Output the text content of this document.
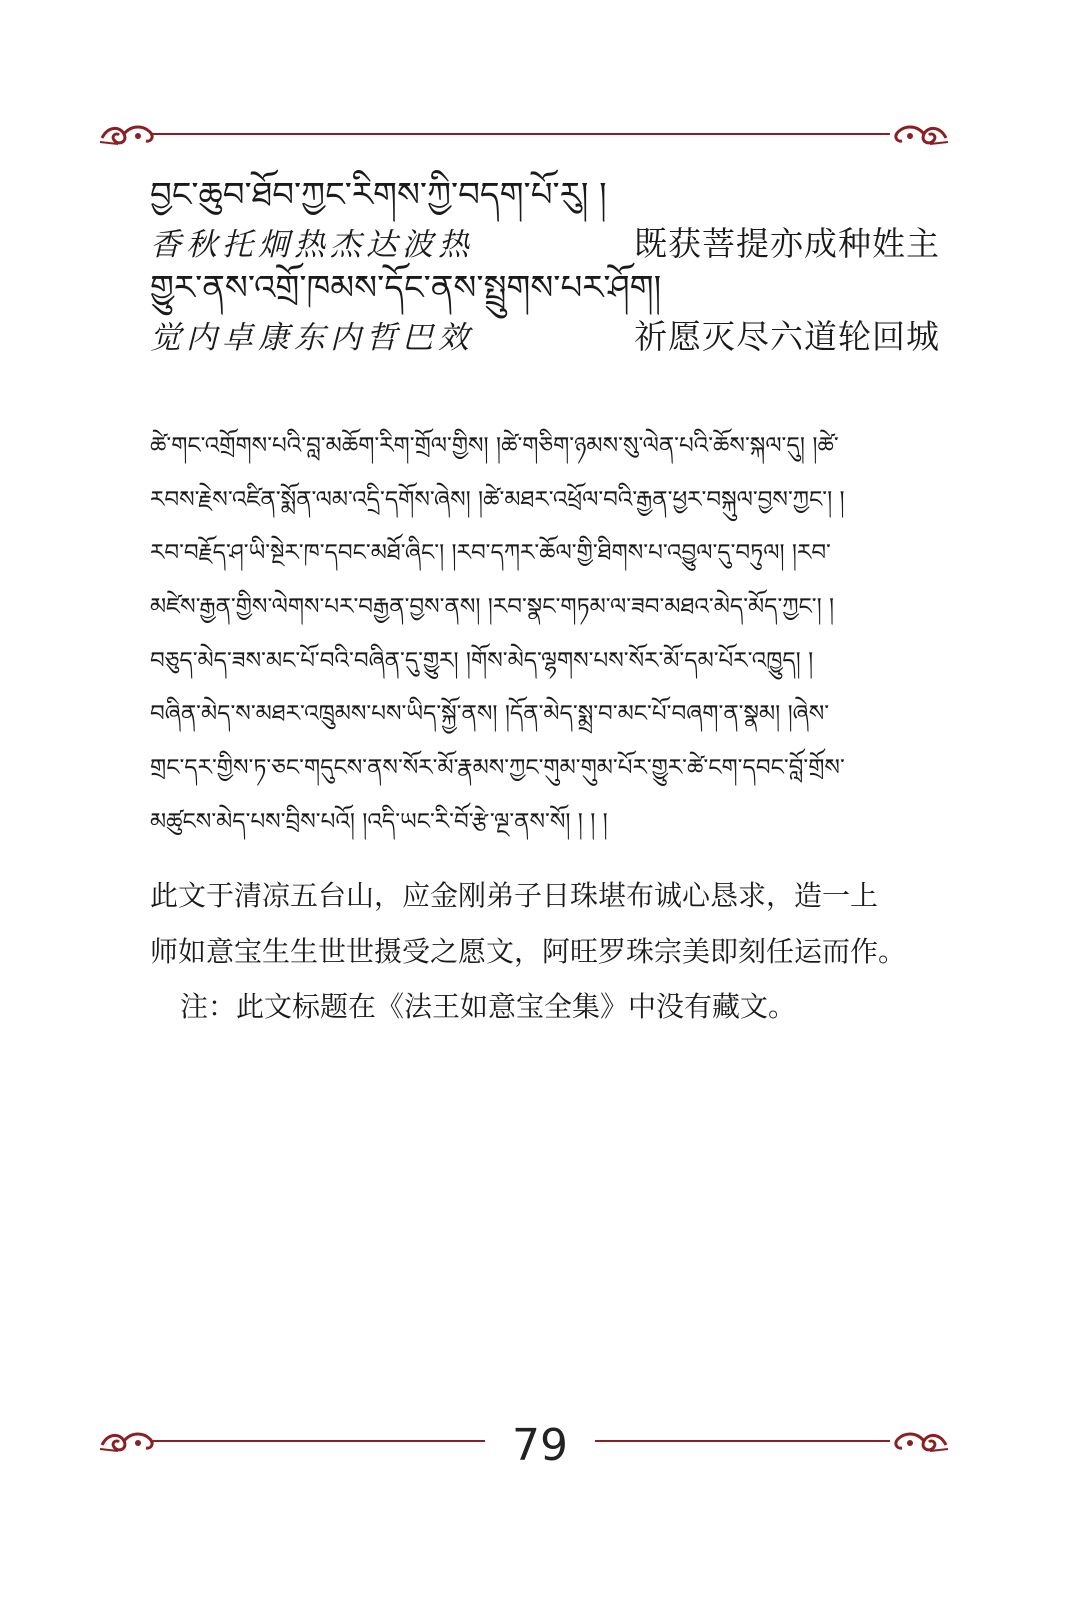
བྱང་ཆུབ་ཐོབ་ཀྱང་རིགས་ཀྱི་བདག་པོ་རུ། །
香秋托炯热杰达波热	既获菩提亦成种姓主
གྱུར་ནས་འགྲོ་ཁམས་དོང་ནས་སྤྲུགས་པར་ཤོག།
觉内卓康东内哲巴效	祈愿灭尽六道轮回城
ཚེ་གང་འགྲོགས་པའི་བླ་མཆོག་རིག་གྲོལ་གྱིས། །ཚེ་གཅིག་ཉམས་སུ་ལེན་པའི་ཆོས་སྐལ་དུ། །ཚེ་
རབས་རྗེས་འཛིན་སྨོན་ལམ་འདྲི་དགོས་ཞེས། །ཚེ་མཐར་འཕྲོལ་བའི་རྒྱན་ཕྱར་བསྐུལ་བྱས་ཀྱང་། །
རབ་བརྗོད་ཤ་ཡི་སྔེར་ཁ་དབང་མཐོ་ཞིང་། །རབ་དཀར་ཆོལ་གྱི་ཐིགས་པ་འབྱུལ་དུ་བཏུལ། །རབ་
མཛེས་རྒྱན་གྱིས་ལེགས་པར་བརྒྱན་བྱས་ནས། །རབ་སྣང་གཏམ་ལ་ཟབ་མཐའ་མེད་མོད་ཀྱང་། །
བཅུད་མེད་ཟས་མང་པོ་བའི་བཞིན་དུ་གྱུར། །གོས་མེད་ལྷགས་པས་སོར་མོ་དམ་པོར་འཁྱུད། །
བཞིན་མེད་ས་མཐར་འཁྲུམས་པས་ཡིད་སྐྱོ་ནས། །དོན་མེད་སྨྲ་བ་མང་པོ་བཞག་ན་སྣམ། །ཞེས་
གྲང་དར་གྱིས་ཏ་ཅང་གདུངས་ནས་སོར་མོ་རྣམས་ཀྱང་གུམ་གུམ་པོར་གྱུར་ཚེ་ངག་དབང་བློ་གྲོས་
མཚུངས་མེད་པས་བྲིས་པའོ། །འདི་ཡང་རི་བོ་རྩེ་ལྔ་ནས་སོ། ། ། །
此文于清凉五台山，应金刚弟子日珠堪布诚心恳求，造一上
师如意宝生生世世摄受之愿文，阿旺罗珠宗美即刻任运而作。
注：此文标题在《法王如意宝全集》中没有藏文。
79
